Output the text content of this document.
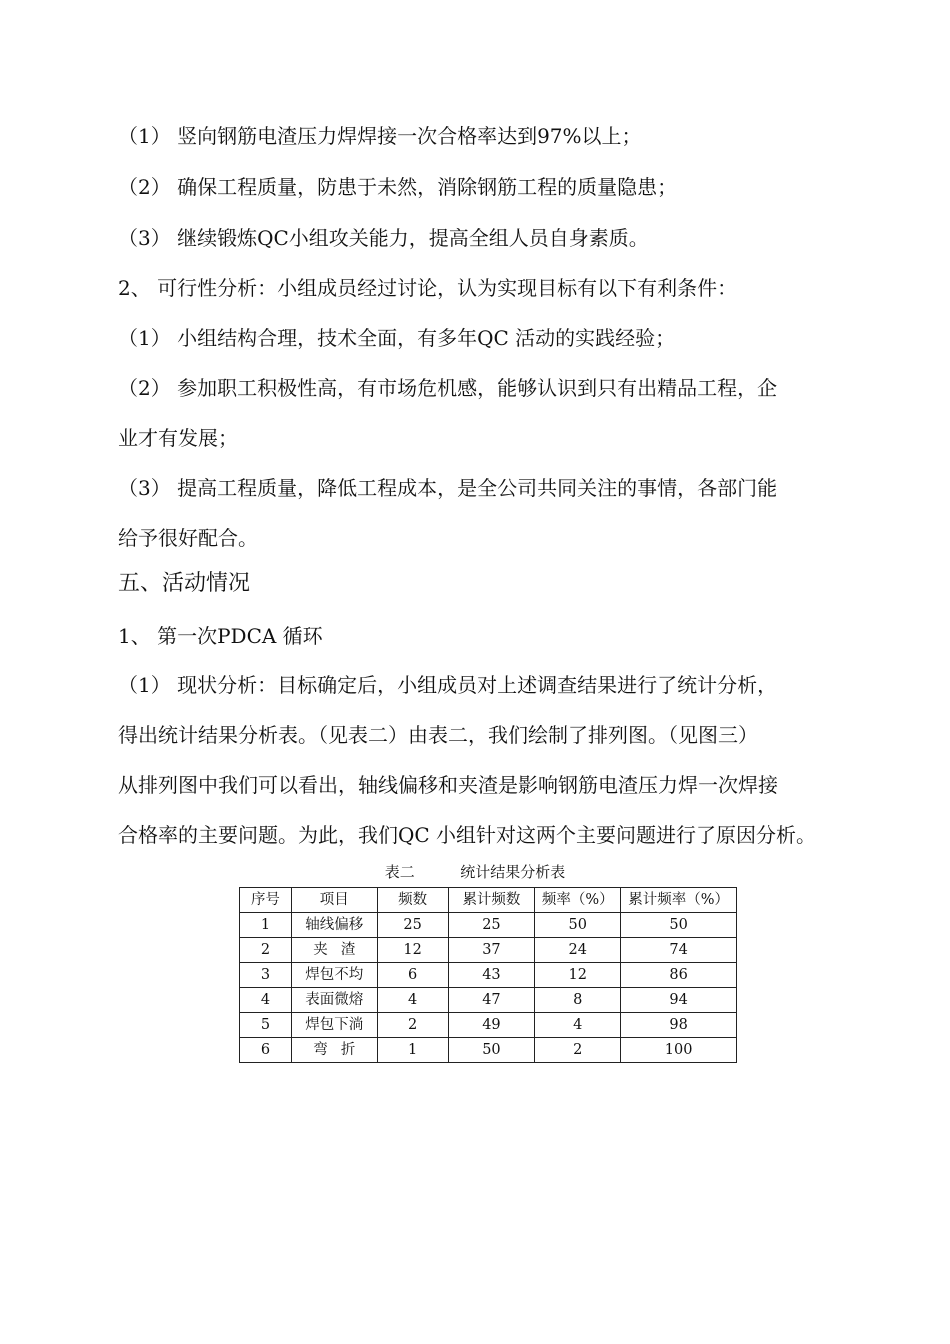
（1） 竖向钢筋电渣压力焊焊接一次合格率达到97%以上；
（2） 确保工程质量，防患于未然，消除钢筋工程的质量隐患；
（3） 继续锻炼QC小组攻关能力，提高全组人员自身素质。
2、 可行性分析：小组成员经过讨论，认为实现目标有以下有利条件：
（1） 小组结构合理，技术全面，有多年QC 活动的实践经验；
（2） 参加职工积极性高，有市场危机感，能够认识到只有出精品工程，企
业才有发展；
（3） 提高工程质量，降低工程成本，是全公司共同关注的事情，各部门能
给予很好配合。
五、活动情况
1、 第一次PDCA 循环
（1） 现状分析：目标确定后，小组成员对上述调查结果进行了统计分析，
得出统计结果分析表。（见表二）由表二，我们绘制了排列图。（见图三）
从排列图中我们可以看出，轴线偏移和夹渣是影响钢筋电渣压力焊一次焊接
合格率的主要问题。为此，我们QC 小组针对这两个主要问题进行了原因分析。
表二	统计结果分析表
序号	项目	频数	累计频数	频率（%）	累计频率（%）
1	轴线偏移	25	25	50	50
2	夹渣	12	37	24	74
3	焊包不均	6	43	12	86
4	表面微熔	4	47	8	94
5	焊包下淌	2	49	4	98
6	弯折	1	50	2	100
